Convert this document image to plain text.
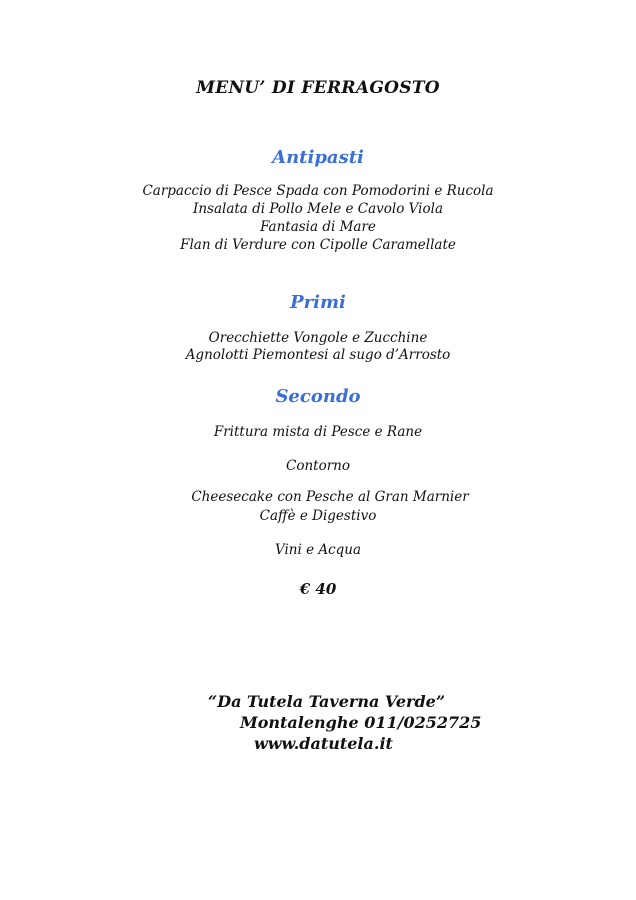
MENU’ DI FERRAGOSTO
Antipasti
Carpaccio di Pesce Spada con Pomodorini e Rucola
Insalata di Pollo Mele e Cavolo Viola
Fantasia di Mare
Flan di Verdure con Cipolle Caramellate
Primi
Orecchiette Vongole e Zucchine
Agnolotti Piemontesi al sugo d’Arrosto
Secondo
Frittura mista di Pesce e Rane
Contorno
Cheesecake con Pesche al Gran Marnier
Caffè e Digestivo
Vini e Acqua
€ 40
“Da Tutela Taverna Verde”
Montalenghe 011/0252725
www.datutela.it
